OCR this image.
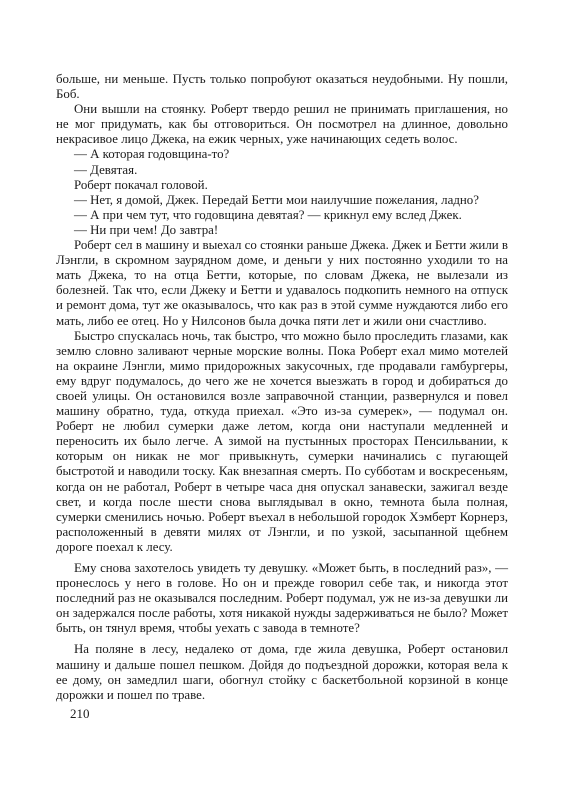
больше, ни меньше. Пусть только попробуют оказаться неудобными. Ну пошли, Боб.

Они вышли на стоянку. Роберт твердо решил не принимать приглашения, но не мог придумать, как бы отговориться. Он посмотрел на длинное, довольно некрасивое лицо Джека, на ежик черных, уже начинающих седеть волос.

— А которая годовщина-то?

— Девятая.

Роберт покачал головой.

— Нет, я домой, Джек. Передай Бетти мои наилучшие пожелания, ладно?

— А при чем тут, что годовщина девятая? — крикнул ему вслед Джек.

— Ни при чем! До завтра!

Роберт сел в машину и выехал со стоянки раньше Джека. Джек и Бетти жили в Лэнгли, в скромном заурядном доме, и деньги у них постоянно уходили то на мать Джека, то на отца Бетти, которые, по словам Джека, не вылезали из болезней. Так что, если Джеку и Бетти и удавалось подкопить немного на отпуск и ремонт дома, тут же оказывалось, что как раз в этой сумме нуждаются либо его мать, либо ее отец. Но у Нилсонов была дочка пяти лет и жили они счастливо.

Быстро спускалась ночь, так быстро, что можно было проследить глазами, как землю словно заливают черные морские волны. Пока Роберт ехал мимо мотелей на окраине Лэнгли, мимо придорожных закусочных, где продавали гамбургеры, ему вдруг подумалось, до чего же не хочется выезжать в город и добираться до своей улицы. Он остановился возле заправочной станции, развернулся и повел машину обратно, туда, откуда приехал. «Это из-за сумерек», — подумал он. Роберт не любил сумерки даже летом, когда они наступали медленней и переносить их было легче. А зимой на пустынных просторах Пенсильвании, к которым он никак не мог привыкнуть, сумерки начинались с пугающей быстротой и наводили тоску. Как внезапная смерть. По субботам и воскресеньям, когда он не работал, Роберт в четыре часа дня опускал занавески, зажигал везде свет, и когда после шести снова выглядывал в окно, темнота была полная, сумерки сменились ночью. Роберт въехал в небольшой городок Хэмберт Корнерз, расположенный в девяти милях от Лэнгли, и по узкой, засыпанной щебнем дороге поехал к лесу.

Ему снова захотелось увидеть ту девушку. «Может быть, в последний раз», — пронеслось у него в голове. Но он и прежде говорил себе так, и никогда этот последний раз не оказывался последним. Роберт подумал, уж не из-за девушки ли он задержался после работы, хотя никакой нужды задерживаться не было? Может быть, он тянул время, чтобы уехать с завода в темноте?

На поляне в лесу, недалеко от дома, где жила девушка, Роберт остановил машину и дальше пошел пешком. Дойдя до подъездной дорожки, которая вела к ее дому, он замедлил шаги, обогнул стойку с баскетбольной корзиной в конце дорожки и пошел по траве.

210
